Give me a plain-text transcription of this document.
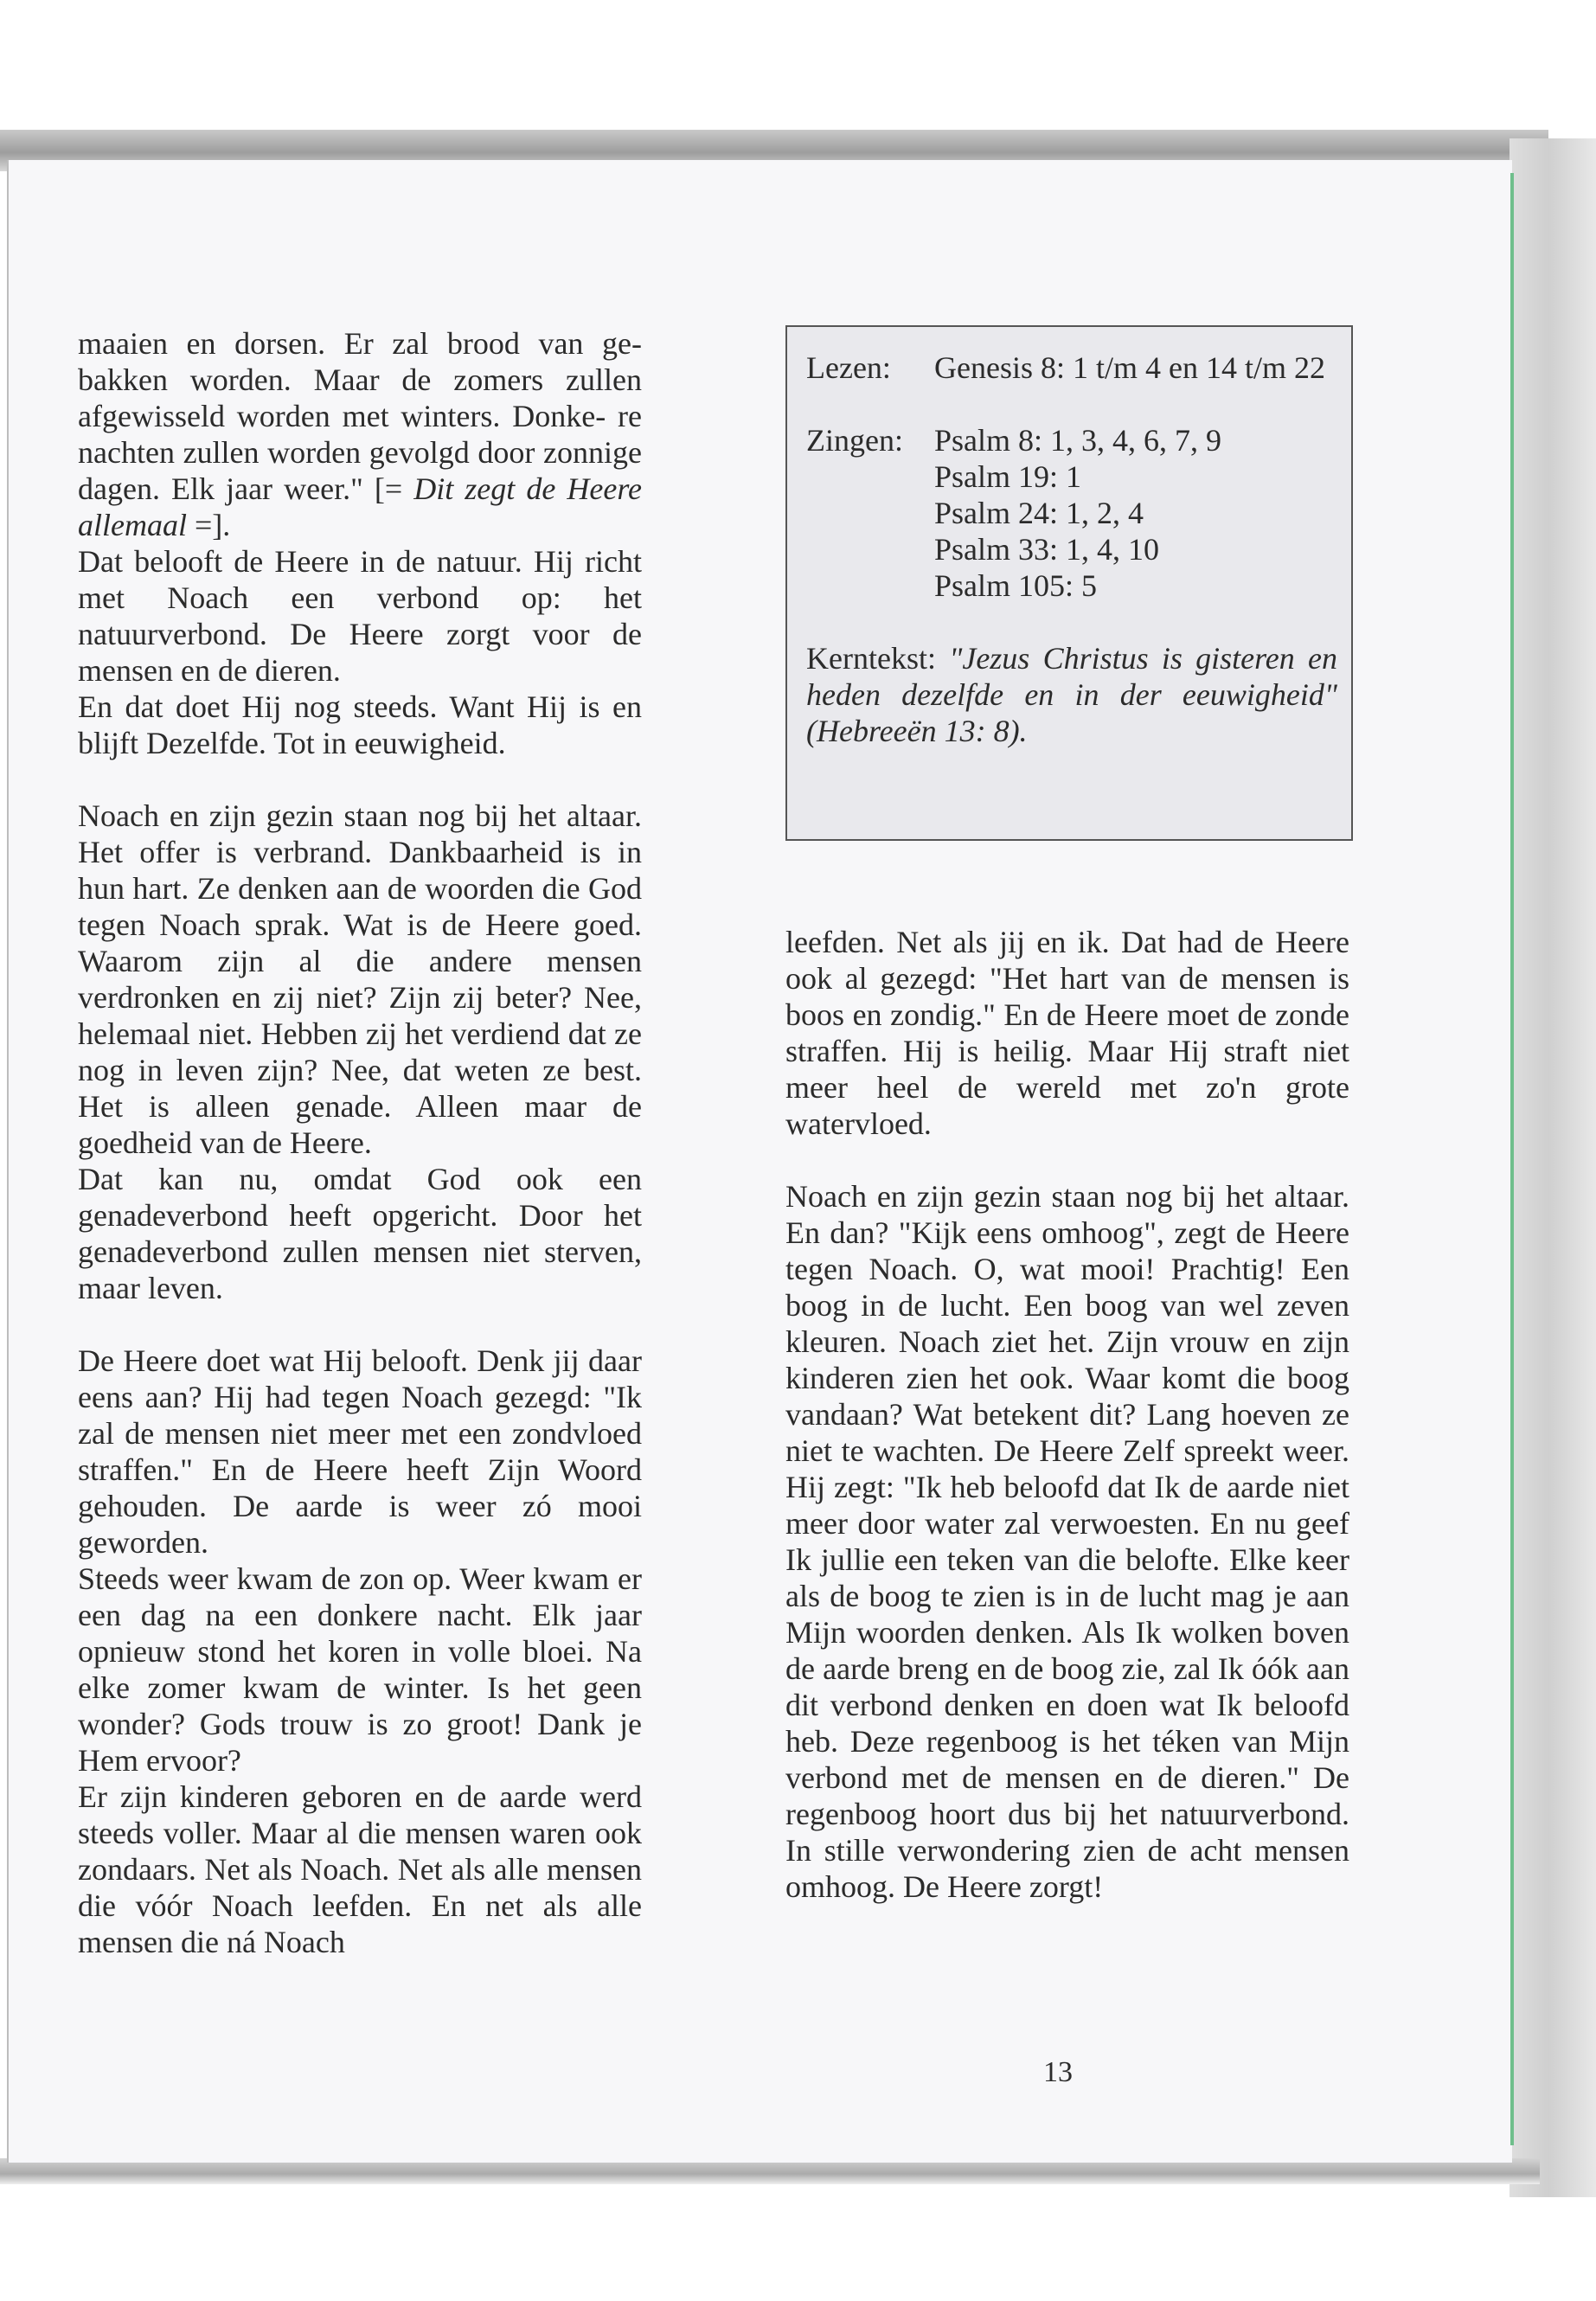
maaien en dorsen. Er zal brood van ge- bakken worden. Maar de zomers zullen afgewisseld worden met winters. Donke- re nachten zullen worden gevolgd door zonnige dagen. Elk jaar weer." [= Dit zegt de Heere allemaal =].

Dat belooft de Heere in de natuur. Hij richt met Noach een verbond op: het natuurverbond. De Heere zorgt voor de mensen en de dieren.

En dat doet Hij nog steeds. Want Hij is en blijft Dezelfde. Tot in eeuwigheid.

Noach en zijn gezin staan nog bij het altaar. Het offer is verbrand. Dankbaarheid is in hun hart. Ze denken aan de woorden die God tegen Noach sprak. Wat is de Heere goed. Waarom zijn al die andere mensen verdronken en zij niet? Zijn zij beter? Nee, helemaal niet. Hebben zij het verdiend dat ze nog in leven zijn? Nee, dat weten ze best. Het is alleen genade. Alleen maar de goedheid van de Heere.

Dat kan nu, omdat God ook een genadeverbond heeft opgericht. Door het genadeverbond zullen mensen niet sterven, maar leven.

De Heere doet wat Hij belooft. Denk jij daar eens aan? Hij had tegen Noach gezegd: "Ik zal de mensen niet meer met een zondvloed straffen." En de Heere heeft Zijn Woord gehouden. De aarde is weer zó mooi geworden.

Steeds weer kwam de zon op. Weer kwam er een dag na een donkere nacht. Elk jaar opnieuw stond het koren in volle bloei. Na elke zomer kwam de winter. Is het geen wonder? Gods trouw is zo groot! Dank je Hem ervoor?

Er zijn kinderen geboren en de aarde werd steeds voller. Maar al die mensen waren ook zondaars. Net als Noach. Net als alle mensen die vóór Noach leefden. En net als alle mensen die ná Noach

Lezen:	Genesis 8: 1 t/m 4 en 14 t/m 22
Zingen:	Psalm 8: 1, 3, 4, 6, 7, 9
Psalm 19: 1
Psalm 24: 1, 2, 4
Psalm 33: 1, 4, 10
Psalm 105: 5
Kerntekst: "Jezus Christus is gisteren en heden dezelfde en in der eeuwigheid" (Hebreeën 13: 8).

leefden. Net als jij en ik. Dat had de Heere ook al gezegd: "Het hart van de mensen is boos en zondig." En de Heere moet de zonde straffen. Hij is heilig. Maar Hij straft niet meer heel de wereld met zo'n grote watervloed.

Noach en zijn gezin staan nog bij het altaar. En dan? "Kijk eens omhoog", zegt de Heere tegen Noach. O, wat mooi! Prachtig! Een boog in de lucht. Een boog van wel zeven kleuren. Noach ziet het. Zijn vrouw en zijn kinderen zien het ook. Waar komt die boog vandaan? Wat betekent dit? Lang hoeven ze niet te wachten. De Heere Zelf spreekt weer. Hij zegt: "Ik heb beloofd dat Ik de aarde niet meer door water zal verwoesten. En nu geef Ik jullie een teken van die belofte. Elke keer als de boog te zien is in de lucht mag je aan Mijn woorden denken. Als Ik wolken boven de aarde breng en de boog zie, zal Ik óók aan dit verbond denken en doen wat Ik beloofd heb. Deze regenboog is het téken van Mijn verbond met de mensen en de dieren." De regenboog hoort dus bij het natuurverbond. In stille verwondering zien de acht mensen omhoog. De Heere zorgt!

13
